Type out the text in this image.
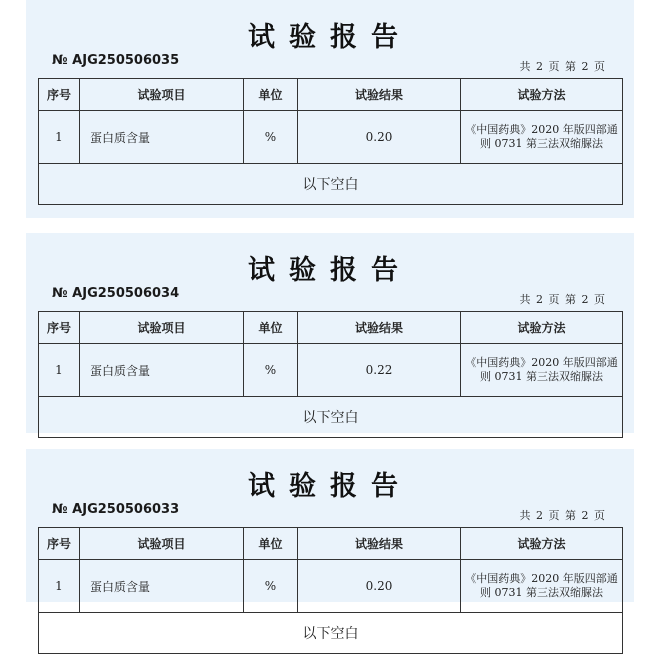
试验报告
№ AJG250506035	共 2 页 第 2 页
序号	试验项目	单位	试验结果	试验方法
1	蛋白质含量	%	0.20	《中国药典》2020 年版四部通则 0731 第三法双缩脲法
以下空白				
试验报告
№ AJG250506034	共 2 页 第 2 页
序号	试验项目	单位	试验结果	试验方法
1	蛋白质含量	%	0.22	《中国药典》2020 年版四部通则 0731 第三法双缩脲法
以下空白				
试验报告
№ AJG250506033	共 2 页 第 2 页
序号	试验项目	单位	试验结果	试验方法
1	蛋白质含量	%	0.20	《中国药典》2020 年版四部通则 0731 第三法双缩脲法
以下空白				
